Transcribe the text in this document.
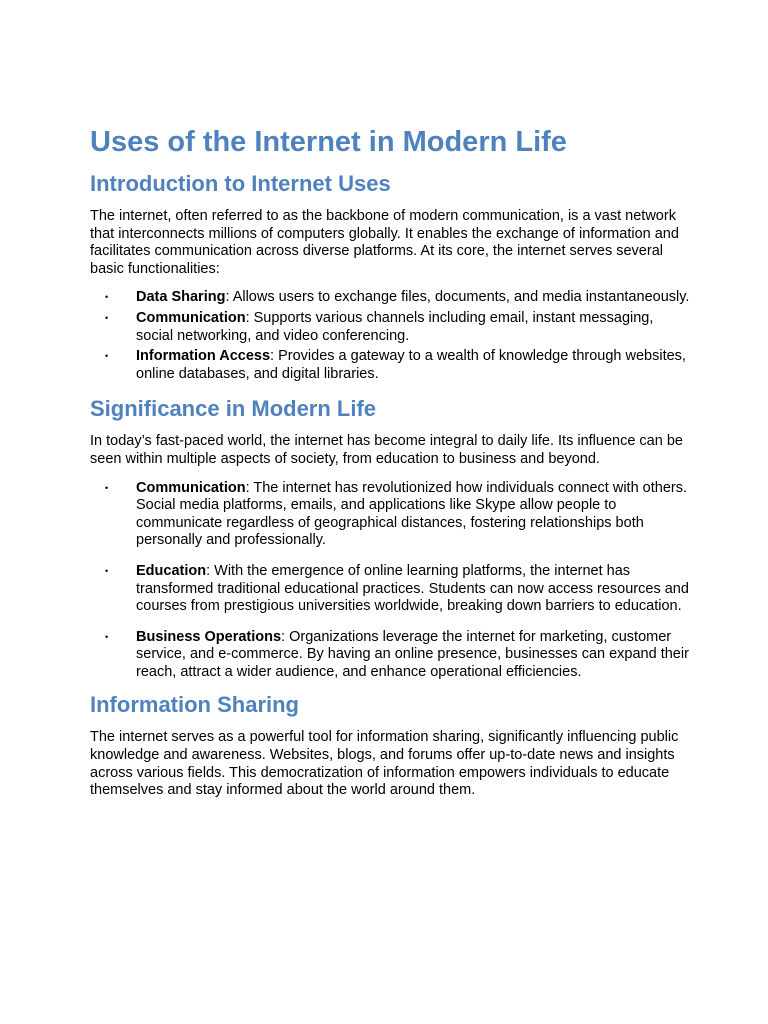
Uses of the Internet in Modern Life
Introduction to Internet Uses

The internet, often referred to as the backbone of modern communication, is a vast network that interconnects millions of computers globally. It enables the exchange of information and facilitates communication across diverse platforms. At its core, the internet serves several basic functionalities:

• Data Sharing: Allows users to exchange files, documents, and media instantaneously.
• Communication: Supports various channels including email, instant messaging, social networking, and video conferencing.
• Information Access: Provides a gateway to a wealth of knowledge through websites, online databases, and digital libraries.
Significance in Modern Life

In today’s fast-paced world, the internet has become integral to daily life. Its influence can be seen within multiple aspects of society, from education to business and beyond.

• Communication: The internet has revolutionized how individuals connect with others. Social media platforms, emails, and applications like Skype allow people to communicate regardless of geographical distances, fostering relationships both personally and professionally.
• Education: With the emergence of online learning platforms, the internet has transformed traditional educational practices. Students can now access resources and courses from prestigious universities worldwide, breaking down barriers to education.
• Business Operations: Organizations leverage the internet for marketing, customer service, and e-commerce. By having an online presence, businesses can expand their reach, attract a wider audience, and enhance operational efficiencies.
Information Sharing

The internet serves as a powerful tool for information sharing, significantly influencing public knowledge and awareness. Websites, blogs, and forums offer up-to-date news and insights across various fields. This democratization of information empowers individuals to educate themselves and stay informed about the world around them.
